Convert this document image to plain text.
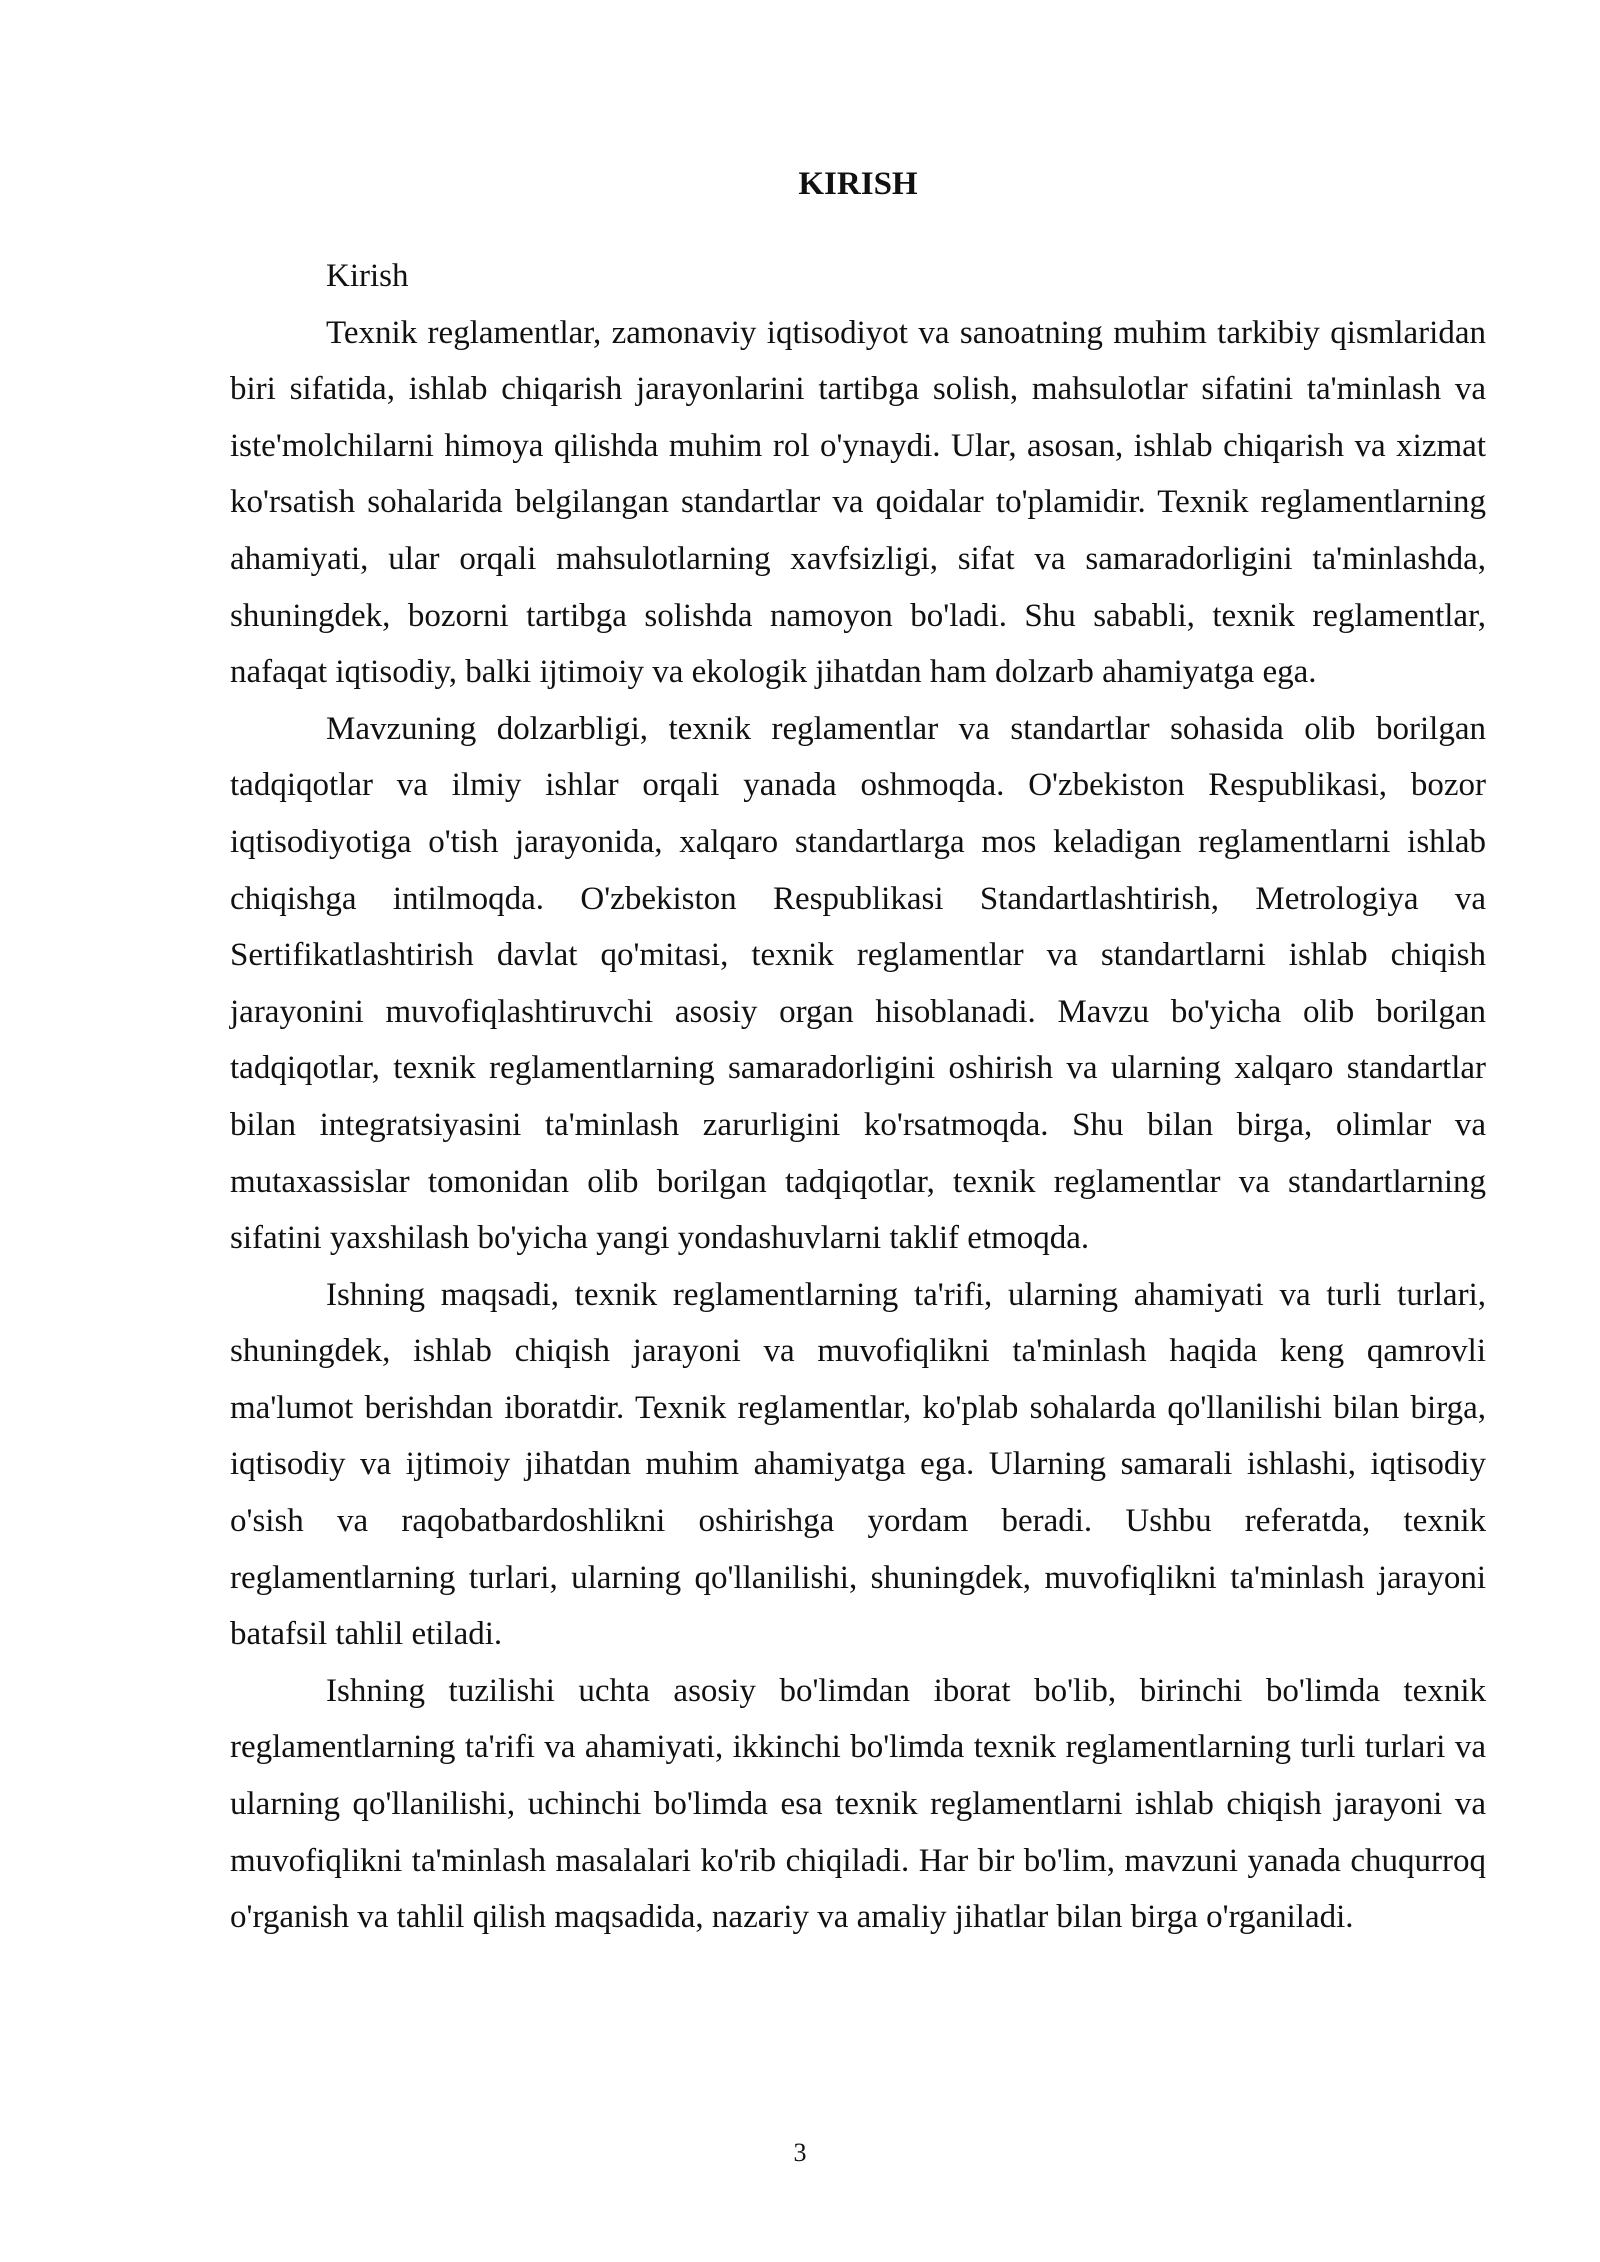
KIRISH

Kirish

Texnik reglamentlar, zamonaviy iqtisodiyot va sanoatning muhim tarkibiy qismlaridan biri sifatida, ishlab chiqarish jarayonlarini tartibga solish, mahsulotlar sifatini ta'minlash va iste'molchilarni himoya qilishda muhim rol o'ynaydi. Ular, asosan, ishlab chiqarish va xizmat ko'rsatish sohalarida belgilangan standartlar va qoidalar to'plamidir. Texnik reglamentlarning ahamiyati, ular orqali mahsulotlarning xavfsizligi, sifat va samaradorligini ta'minlashda, shuningdek, bozorni tartibga solishda namoyon bo'ladi. Shu sababli, texnik reglamentlar, nafaqat iqtisodiy, balki ijtimoiy va ekologik jihatdan ham dolzarb ahamiyatga ega.

Mavzuning dolzarbligi, texnik reglamentlar va standartlar sohasida olib borilgan tadqiqotlar va ilmiy ishlar orqali yanada oshmoqda. O'zbekiston Respublikasi, bozor iqtisodiyotiga o'tish jarayonida, xalqaro standartlarga mos keladigan reglamentlarni ishlab chiqishga intilmoqda. O'zbekiston Respublikasi Standartlashtirish, Metrologiya va Sertifikatlashtirish davlat qo'mitasi, texnik reglamentlar va standartlarni ishlab chiqish jarayonini muvofiqlashtiruvchi asosiy organ hisoblanadi. Mavzu bo'yicha olib borilgan tadqiqotlar, texnik reglamentlarning samaradorligini oshirish va ularning xalqaro standartlar bilan integratsiyasini ta'minlash zarurligini ko'rsatmoqda. Shu bilan birga, olimlar va mutaxassislar tomonidan olib borilgan tadqiqotlar, texnik reglamentlar va standartlarning sifatini yaxshilash bo'yicha yangi yondashuvlarni taklif etmoqda.

Ishning maqsadi, texnik reglamentlarning ta'rifi, ularning ahamiyati va turli turlari, shuningdek, ishlab chiqish jarayoni va muvofiqlikni ta'minlash haqida keng qamrovli ma'lumot berishdan iboratdir. Texnik reglamentlar, ko'plab sohalarda qo'llanilishi bilan birga, iqtisodiy va ijtimoiy jihatdan muhim ahamiyatga ega. Ularning samarali ishlashi, iqtisodiy o'sish va raqobatbardoshlikni oshirishga yordam beradi. Ushbu referatda, texnik reglamentlarning turlari, ularning qo'llanilishi, shuningdek, muvofiqlikni ta'minlash jarayoni batafsil tahlil etiladi.

Ishning tuzilishi uchta asosiy bo'limdan iborat bo'lib, birinchi bo'limda texnik reglamentlarning ta'rifi va ahamiyati, ikkinchi bo'limda texnik reglamentlarning turli turlari va ularning qo'llanilishi, uchinchi bo'limda esa texnik reglamentlarni ishlab chiqish jarayoni va muvofiqlikni ta'minlash masalalari ko'rib chiqiladi. Har bir bo'lim, mavzuni yanada chuqurroq o'rganish va tahlil qilish maqsadida, nazariy va amaliy jihatlar bilan birga o'rganiladi.

3
